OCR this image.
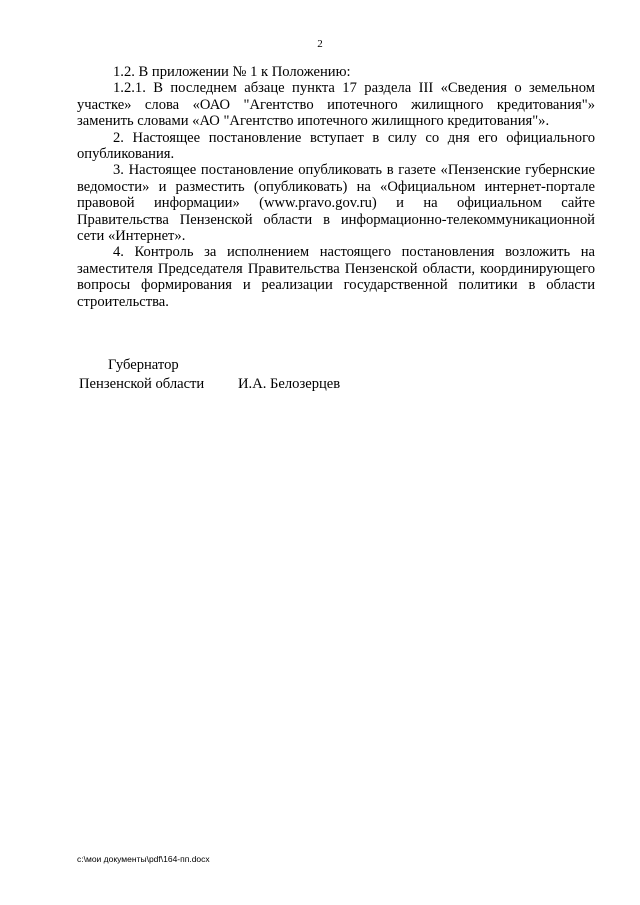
2

1.2. В приложении № 1 к Положению:

1.2.1. В последнем абзаце пункта 17 раздела III «Сведения о земельном участке» слова «ОАО "Агентство ипотечного жилищного кредитования"» заменить словами «АО "Агентство ипотечного жилищного кредитования"».

2. Настоящее постановление вступает в силу со дня его официального опубликования.

3. Настоящее постановление опубликовать в газете «Пензенские губернские ведомости» и разместить (опубликовать) на «Официальном интернет-портале правовой информации» (www.pravo.gov.ru) и на официальном сайте Правительства Пензенской области в информационно-телекоммуникационной сети «Интернет».

4. Контроль за исполнением настоящего постановления возложить на заместителя Председателя Правительства Пензенской области, координирующего вопросы формирования и реализации государственной политики в области строительства.

Губернатор
Пензенской области И.А. Белозерцев
c:\мои документы\pdf\164-пп.docx
